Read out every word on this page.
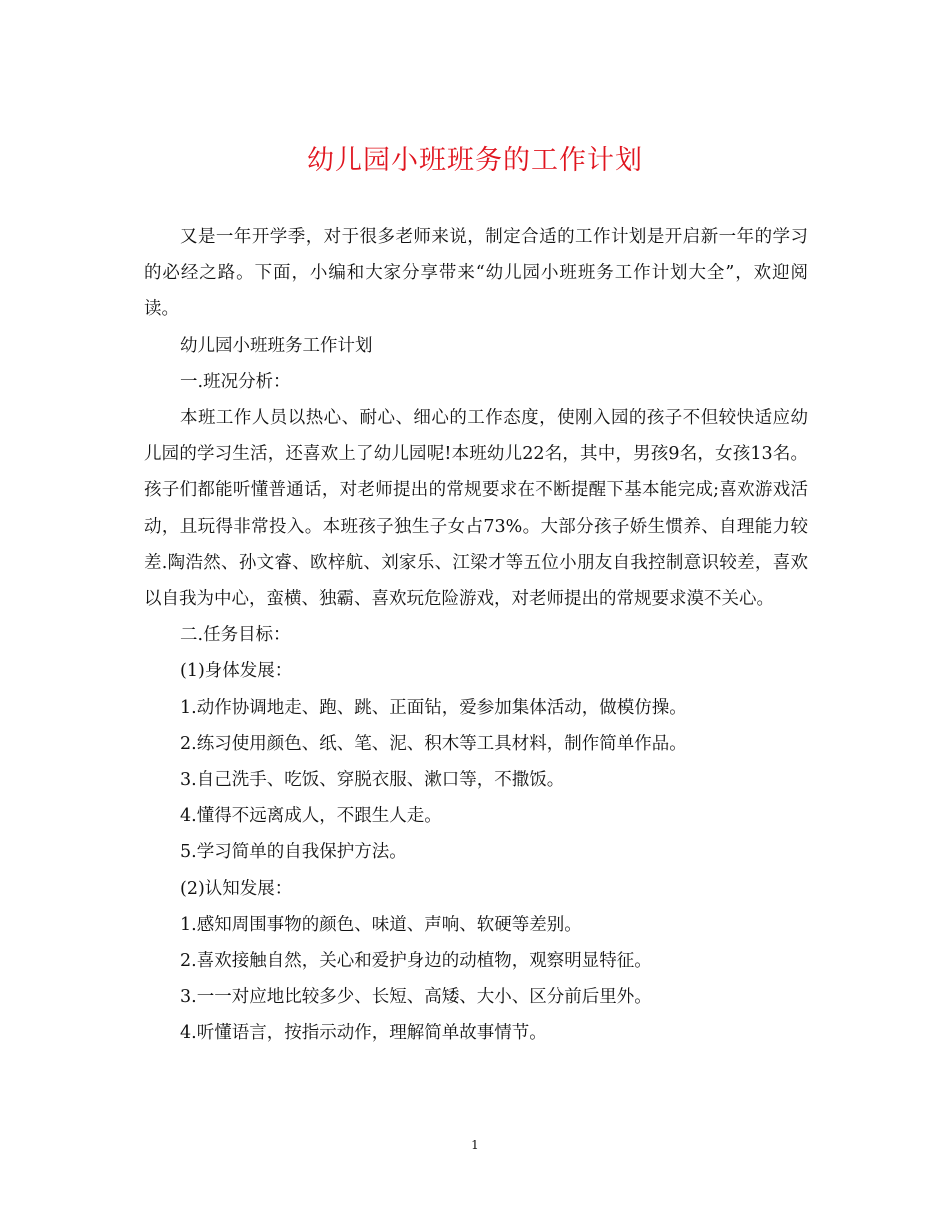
幼儿园小班班务的工作计划

又是一年开学季，对于很多老师来说，制定合适的工作计划是开启新一年的学习的必经之路。下面，小编和大家分享带来“幼儿园小班班务工作计划大全”，欢迎阅读。

幼儿园小班班务工作计划

一.班况分析：

本班工作人员以热心、耐心、细心的工作态度，使刚入园的孩子不但较快适应幼儿园的学习生活，还喜欢上了幼儿园呢!本班幼儿22名，其中，男孩9名，女孩13名。孩子们都能听懂普通话，对老师提出的常规要求在不断提醒下基本能完成;喜欢游戏活动，且玩得非常投入。本班孩子独生子女占73%。大部分孩子娇生惯养、自理能力较差.陶浩然、孙文睿、欧梓航、刘家乐、江梁才等五位小朋友自我控制意识较差，喜欢以自我为中心，蛮横、独霸、喜欢玩危险游戏，对老师提出的常规要求漠不关心。

二.任务目标：

(1)身体发展：

1.动作协调地走、跑、跳、正面钻，爱参加集体活动，做模仿操。

2.练习使用颜色、纸、笔、泥、积木等工具材料，制作简单作品。

3.自己洗手、吃饭、穿脱衣服、漱口等，不撒饭。

4.懂得不远离成人，不跟生人走。

5.学习简单的自我保护方法。

(2)认知发展：

1.感知周围事物的颜色、味道、声响、软硬等差别。

2.喜欢接触自然，关心和爱护身边的动植物，观察明显特征。

3.一一对应地比较多少、长短、高矮、大小、区分前后里外。

4.听懂语言，按指示动作，理解简单故事情节。

1
